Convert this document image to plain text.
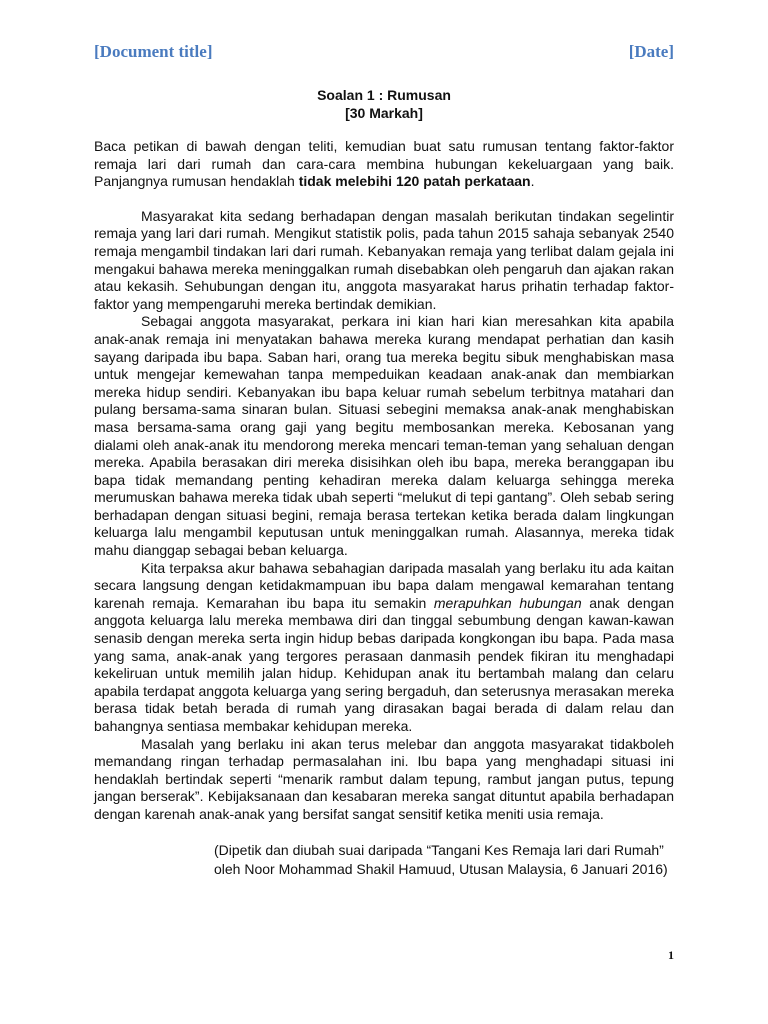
[Document title]	[Date]
Soalan 1 : Rumusan
[30 Markah]

Baca petikan di bawah dengan teliti, kemudian buat satu rumusan tentang faktor-faktor remaja lari dari rumah dan cara-cara membina hubungan kekeluargaan yang baik. Panjangnya rumusan hendaklah tidak melebihi 120 patah perkataan.

Masyarakat kita sedang berhadapan dengan masalah berikutan tindakan segelintir remaja yang lari dari rumah. Mengikut statistik polis, pada tahun 2015 sahaja sebanyak 2540 remaja mengambil tindakan lari dari rumah. Kebanyakan remaja yang terlibat dalam gejala ini mengakui bahawa mereka meninggalkan rumah disebabkan oleh pengaruh dan ajakan rakan atau kekasih. Sehubungan dengan itu, anggota masyarakat harus prihatin terhadap faktor-faktor yang mempengaruhi mereka bertindak demikian.

Sebagai anggota masyarakat, perkara ini kian hari kian meresahkan kita apabila anak-anak remaja ini menyatakan bahawa mereka kurang mendapat perhatian dan kasih sayang daripada ibu bapa. Saban hari, orang tua mereka begitu sibuk menghabiskan masa untuk mengejar kemewahan tanpa mempeduikan keadaan anak-anak dan membiarkan mereka hidup sendiri. Kebanyakan ibu bapa keluar rumah sebelum terbitnya matahari dan pulang bersama-sama sinaran bulan. Situasi sebegini memaksa anak-anak menghabiskan masa bersama-sama orang gaji yang begitu membosankan mereka. Kebosanan yang dialami oleh anak-anak itu mendorong mereka mencari teman-teman yang sehaluan dengan mereka. Apabila berasakan diri mereka disisihkan oleh ibu bapa, mereka beranggapan ibu bapa tidak memandang penting kehadiran mereka dalam keluarga sehingga mereka merumuskan bahawa mereka tidak ubah seperti “melukut di tepi gantang”. Oleh sebab sering berhadapan dengan situasi begini, remaja berasa tertekan ketika berada dalam lingkungan keluarga lalu mengambil keputusan untuk meninggalkan rumah. Alasannya, mereka tidak mahu dianggap sebagai beban keluarga.

Kita terpaksa akur bahawa sebahagian daripada masalah yang berlaku itu ada kaitan secara langsung dengan ketidakmampuan ibu bapa dalam mengawal kemarahan tentang karenah remaja. Kemarahan ibu bapa itu semakin merapuhkan hubungan anak dengan anggota keluarga lalu mereka membawa diri dan tinggal sebumbung dengan kawan-kawan senasib dengan mereka serta ingin hidup bebas daripada kongkongan ibu bapa. Pada masa yang sama, anak-anak yang tergores perasaan danmasih pendek fikiran itu menghadapi kekeliruan untuk memilih jalan hidup. Kehidupan anak itu bertambah malang dan celaru apabila terdapat anggota keluarga yang sering bergaduh, dan seterusnya merasakan mereka berasa tidak betah berada di rumah yang dirasakan bagai berada di dalam relau dan bahangnya sentiasa membakar kehidupan mereka.

Masalah yang berlaku ini akan terus melebar dan anggota masyarakat tidakboleh memandang ringan terhadap permasalahan ini. Ibu bapa yang menghadapi situasi ini hendaklah bertindak seperti “menarik rambut dalam tepung, rambut jangan putus, tepung jangan berserak”. Kebijaksanaan dan kesabaran mereka sangat dituntut apabila berhadapan dengan karenah anak-anak yang bersifat sangat sensitif ketika meniti usia remaja.

(Dipetik dan diubah suai daripada “Tangani Kes Remaja lari dari Rumah”
oleh Noor Mohammad Shakil Hamuud, Utusan Malaysia, 6 Januari 2016)
1
